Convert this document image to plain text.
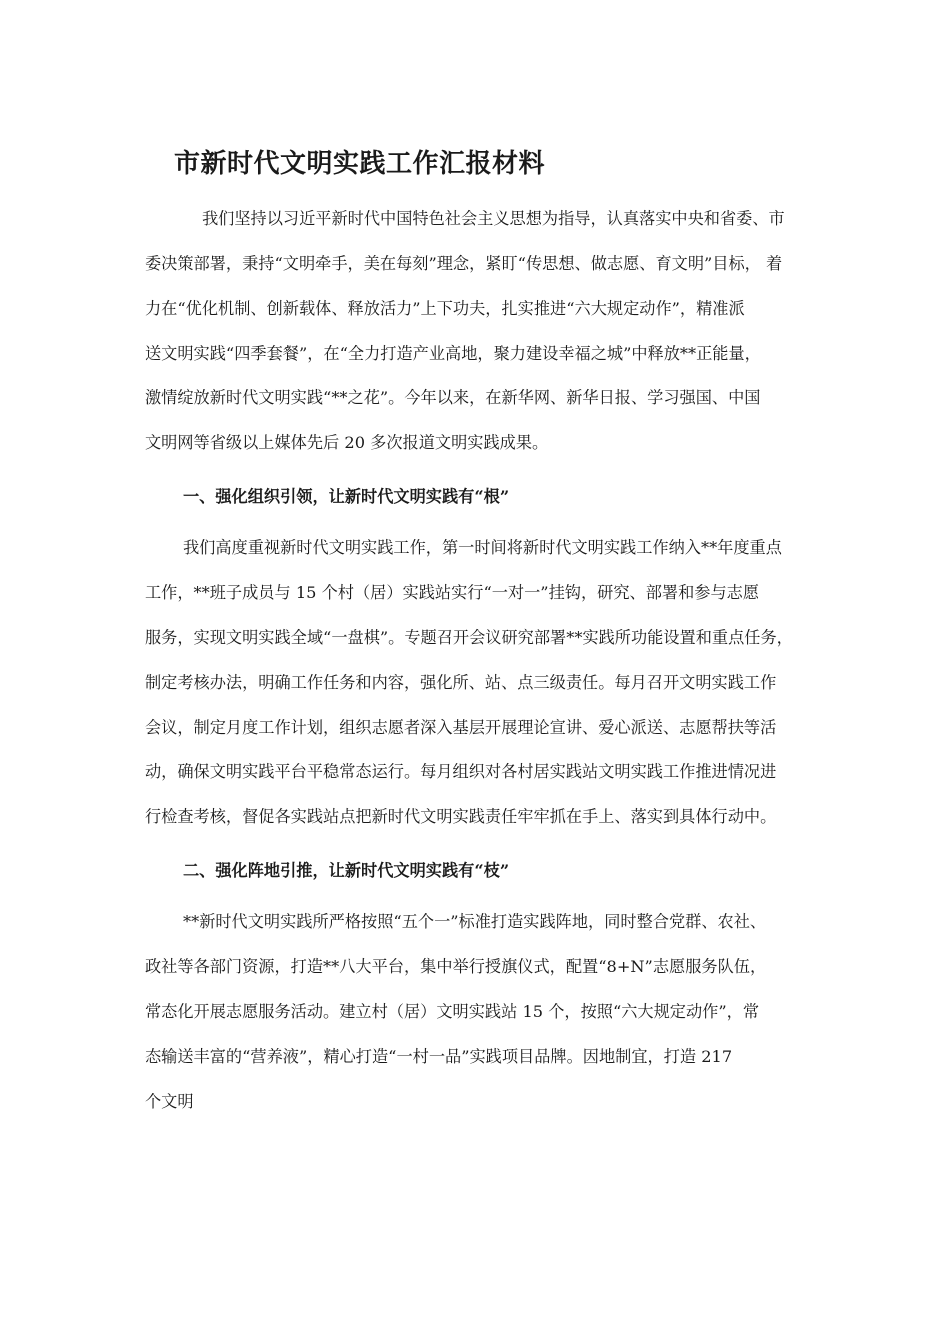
市新时代文明实践工作汇报材料

我们坚持以习近平新时代中国特色社会主义思想为指导，认真落实中央和省委、市

委决策部署，秉持“文明牵手，美在每刻”理念，紧盯“传思想、做志愿、育文明”目标， 着

力在“优化机制、创新载体、释放活力”上下功夫，扎实推进“六大规定动作”，精准派

送文明实践“四季套餐”，在“全力打造产业高地，聚力建设幸福之城”中释放**正能量，

激情绽放新时代文明实践“**之花”。今年以来，在新华网、新华日报、学习强国、中国

文明网等省级以上媒体先后 20 多次报道文明实践成果。

一、强化组织引领，让新时代文明实践有“根”

我们高度重视新时代文明实践工作，第一时间将新时代文明实践工作纳入**年度重点

工作，**班子成员与 15 个村（居）实践站实行“一对一”挂钩，研究、部署和参与志愿

服务，实现文明实践全域“一盘棋”。专题召开会议研究部署**实践所功能设置和重点任务，

制定考核办法，明确工作任务和内容，强化所、站、点三级责任。每月召开文明实践工作

会议，制定月度工作计划，组织志愿者深入基层开展理论宣讲、爱心派送、志愿帮扶等活

动，确保文明实践平台平稳常态运行。每月组织对各村居实践站文明实践工作推进情况进

行检查考核，督促各实践站点把新时代文明实践责任牢牢抓在手上、落实到具体行动中。

二、强化阵地引推，让新时代文明实践有“枝”

**新时代文明实践所严格按照“五个一”标准打造实践阵地，同时整合党群、农社、

政社等各部门资源，打造**八大平台，集中举行授旗仪式，配置“8+N”志愿服务队伍，

常态化开展志愿服务活动。建立村（居）文明实践站 15 个，按照“六大规定动作”，常

态输送丰富的“营养液”，精心打造“一村一品”实践项目品牌。因地制宜，打造 217

个文明
